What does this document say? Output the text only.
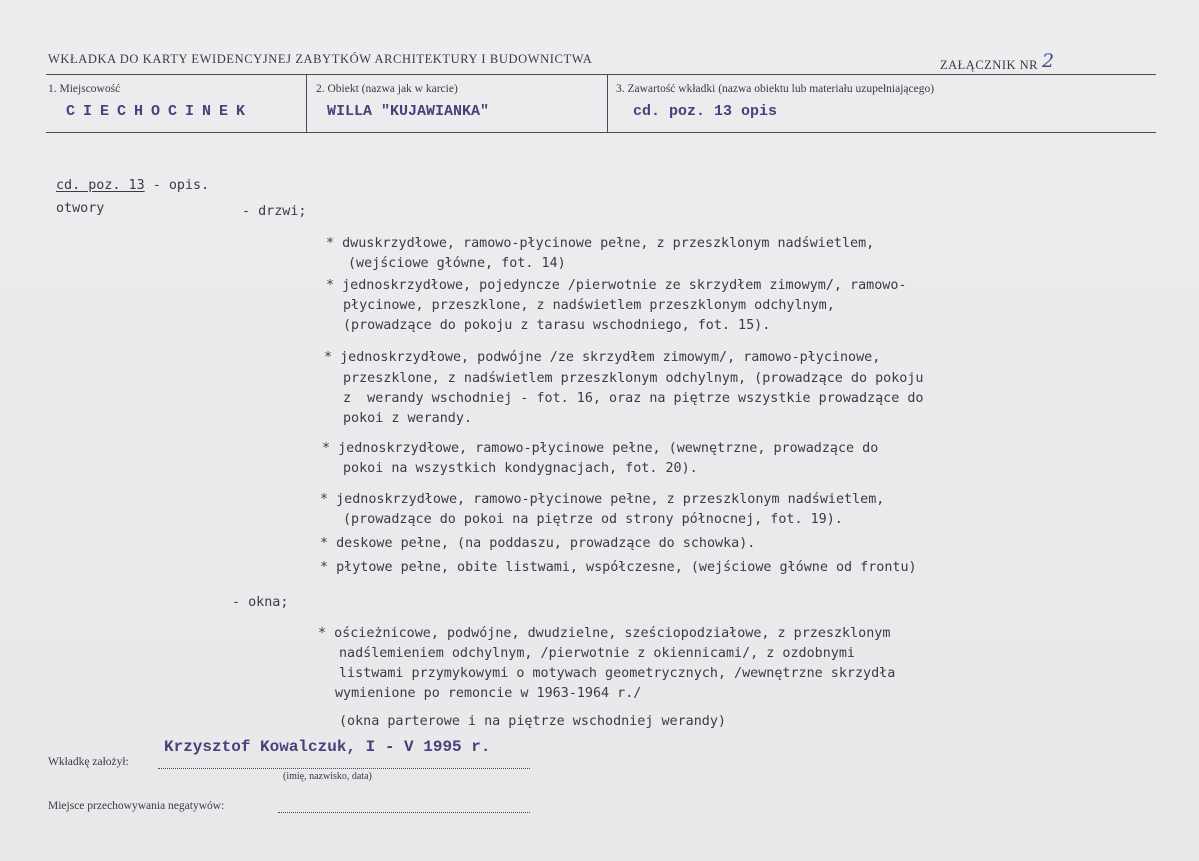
WKŁADKA DO KARTY EWIDENCYJNEJ ZABYTKÓW ARCHITEKTURY I BUDOWNICTWA	ZAŁĄCZNIK NR 2
1. Miejscowość
CIECHOCINEK
2. Obiekt (nazwa jak w karcie)
WILLA "KUJAWIANKA"
3. Zawartość wkładki (nazwa obiektu lub materiału uzupełniającego)
cd. poz. 13 opis
cd. poz. 13 - opis.
otwory	- drzwi;
* dwuskrzydłowe, ramowo-płycinowe pełne, z przeszklonym nadświetlem,
(wejściowe główne, fot. 14)
* jednoskrzydłowe, pojedyncze /pierwotnie ze skrzydłem zimowym/, ramowo-
płycinowe, przeszklone, z nadświetlem przeszklonym odchylnym,
(prowadzące do pokoju z tarasu wschodniego, fot. 15).
* jednoskrzydłowe, podwójne /ze skrzydłem zimowym/, ramowo-płycinowe,
przeszklone, z nadświetlem przeszklonym odchylnym, (prowadzące do pokoju
z  werandy wschodniej - fot. 16, oraz na piętrze wszystkie prowadzące do
pokoi z werandy.
* jednoskrzydłowe, ramowo-płycinowe pełne, (wewnętrzne, prowadzące do
pokoi na wszystkich kondygnacjach, fot. 20).
* jednoskrzydłowe, ramowo-płycinowe pełne, z przeszklonym nadświetlem,
(prowadzące do pokoi na piętrze od strony północnej, fot. 19).
* deskowe pełne, (na poddaszu, prowadzące do schowka).
* płytowe pełne, obite listwami, współczesne, (wejściowe główne od frontu)
- okna;
* ościeżnicowe, podwójne, dwudzielne, sześciopodziałowe, z przeszklonym
nadślemieniem odchylnym, /pierwotnie z okiennicami/, z ozdobnymi
listwami przymykowymi o motywach geometrycznych, /wewnętrzne skrzydła
wymienione po remoncie w 1963-1964 r./
(okna parterowe i na piętrze wschodniej werandy)
Wkładkę założył:
Krzysztof Kowalczuk, I - V 1995 r.
(imię, nazwisko, data)
Miejsce przechowywania negatywów:
